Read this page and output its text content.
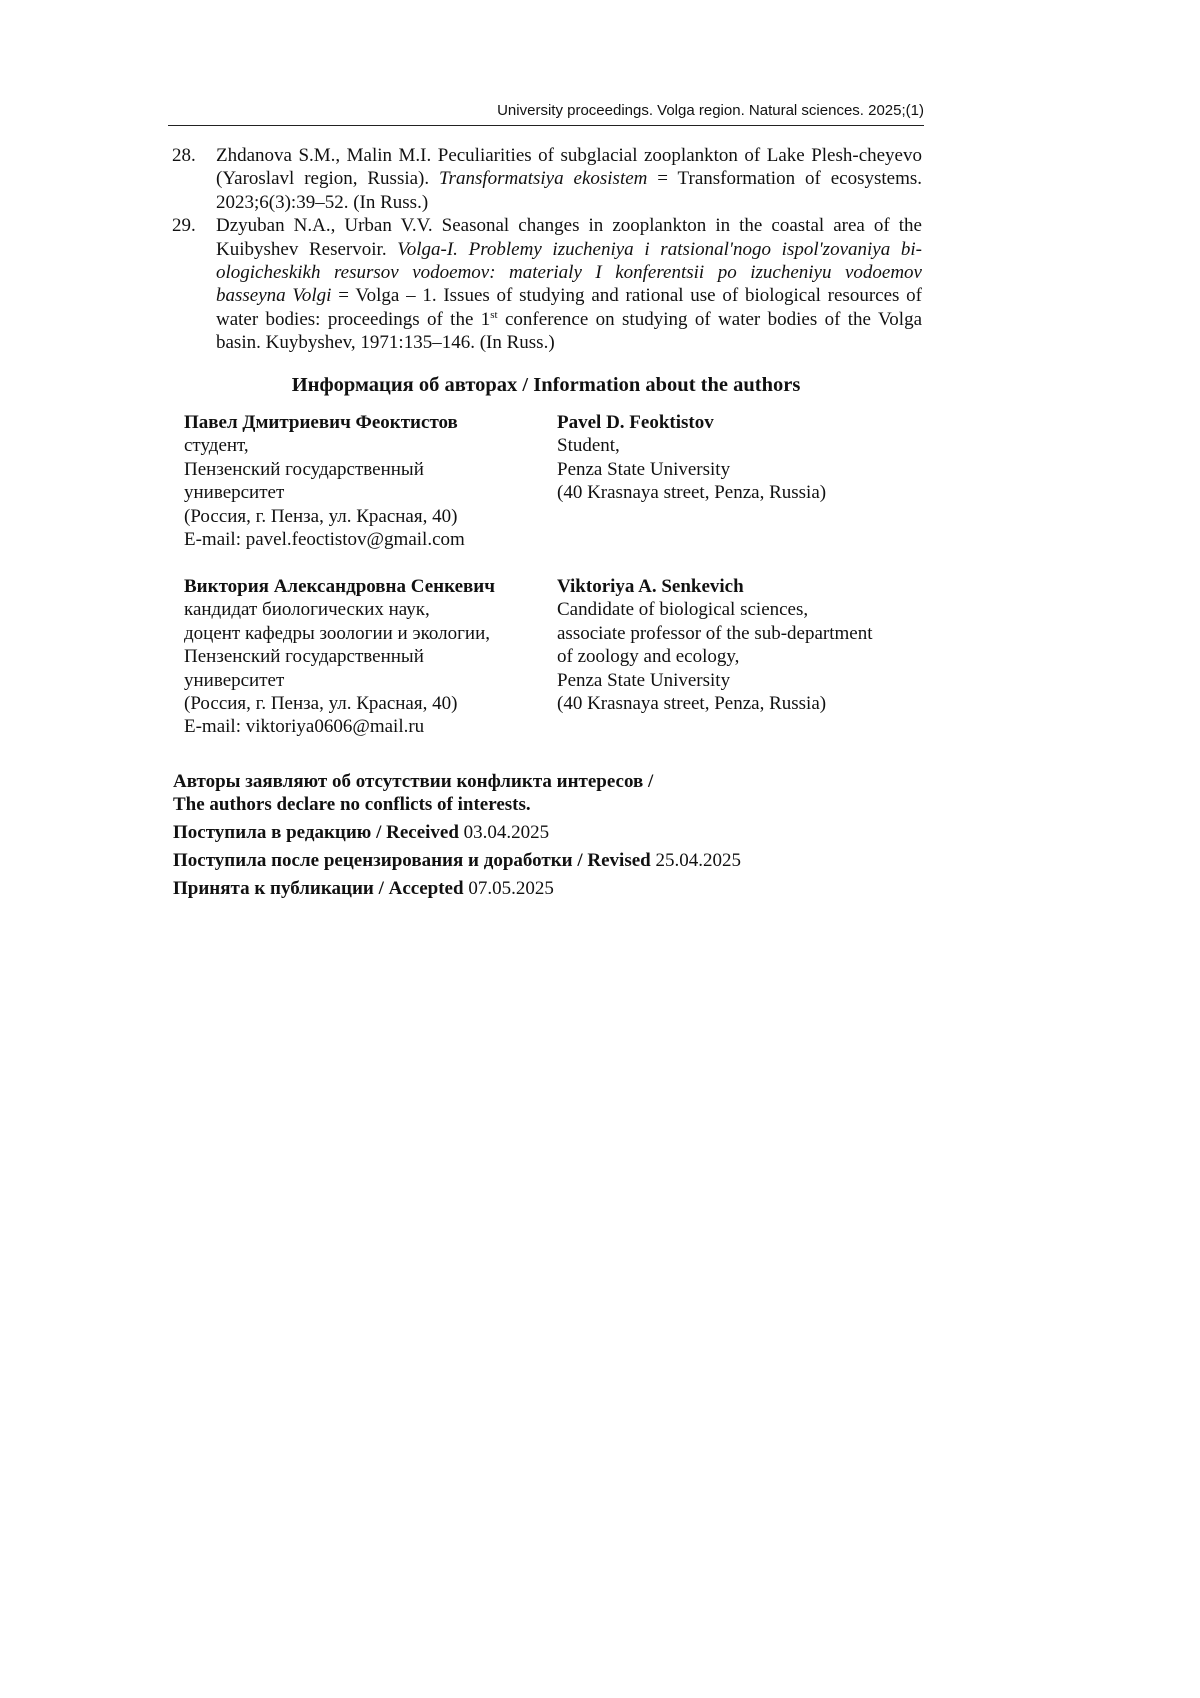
University proceedings. Volga region. Natural sciences. 2025;(1)
28.	Zhdanova S.M., Malin M.I. Peculiarities of subglacial zooplankton of Lake Plesh-cheyevo (Yaroslavl region, Russia). Transformatsiya ekosistem = Transformation of ecosystems. 2023;6(3):39–52. (In Russ.)
29.	Dzyuban N.A., Urban V.V. Seasonal changes in zooplankton in the coastal area of the Kuibyshev Reservoir. Volga-I. Problemy izucheniya i ratsional'nogo ispol'zovaniya bi-ologicheskikh resursov vodoemov: materialy I konferentsii po izucheniyu vodoemov basseyna Volgi = Volga – 1. Issues of studying and rational use of biological resources of water bodies: proceedings of the 1st conference on studying of water bodies of the Volga basin. Kuybyshev, 1971:135–146. (In Russ.)
Информация об авторах / Information about the authors
Павел Дмитриевич Феоктистов
студент,
Пензенский государственный
университет
(Россия, г. Пенза, ул. Красная, 40)
E-mail: pavel.feoctistov@gmail.com
Pavel D. Feoktistov
Student,
Penza State University
(40 Krasnaya street, Penza, Russia)
Виктория Александровна Сенкевич
кандидат биологических наук,
доцент кафедры зоологии и экологии,
Пензенский государственный
университет
(Россия, г. Пенза, ул. Красная, 40)
E-mail: viktoriya0606@mail.ru
Viktoriya A. Senkevich
Candidate of biological sciences,
associate professor of the sub-department
of zoology and ecology,
Penza State University
(40 Krasnaya street, Penza, Russia)
Авторы заявляют об отсутствии конфликта интересов /
The authors declare no conflicts of interests.
Поступила в редакцию / Received 03.04.2025
Поступила после рецензирования и доработки / Revised 25.04.2025
Принята к публикации / Accepted 07.05.2025
